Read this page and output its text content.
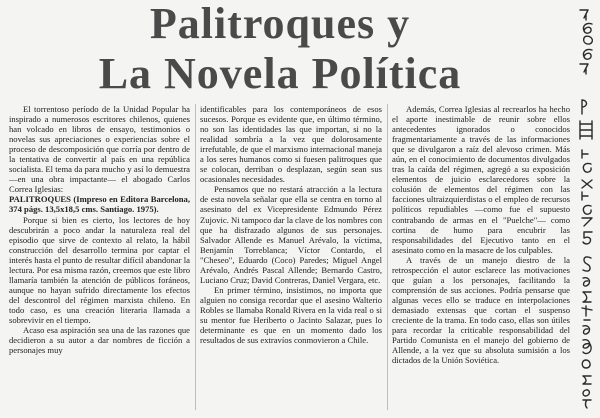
Palitroques y
La Novela Política

El torrentoso período de la Unidad Popular ha inspirado a numerosos escritores chilenos, quienes han volcado en libros de ensayo, testimonios o novelas sus apreciaciones o experiencias sobre el proceso de descomposición que corría por dentro de la tentativa de convertir al país en una república socialista. El tema da para mucho y así lo demuestra —en una obra impactante— el abogado Carlos Correa Iglesias:

PALITROQUES (Impreso en Editora Barcelona, 374 págs. 13,5x18,5 cms. Santiago. 1975).

Porque si bien es cierto, los lectores de hoy descubrirán a poco andar la naturaleza real del episodio que sirve de contexto al relato, la hábil construcción del desarrollo termina por captar el interés hasta el punto de resultar difícil abandonar la lectura. Por esa misma razón, creemos que este libro llamaría también la atención de públicos foráneos, aunque no hayan sufrido directamente los efectos del descontrol del régimen marxista chileno. En todo caso, es una creación literaria llamada a sobrevivir en el tiempo.

Acaso esa aspiración sea una de las razones que decidieron a su autor a dar nombres de ficción a personajes muy

identificables para los contemporáneos de esos sucesos. Porque es evidente que, en último término, no son las identidades las que importan, si no la realidad sombría a la vez que dolorosamente irrefutable, de que el marxismo internacional maneja a los seres humanos como si fuesen palitroques que se colocan, derriban o desplazan, según sean sus ocasionales necesidades.

Pensamos que no restará atracción a la lectura de esta novela señalar que ella se centra en torno al asesinato del ex Vicepresidente Edmundo Pérez Zujovic. Ni tampoco dar la clave de los nombres con que ha disfrazado algunos de sus personajes. Salvador Allende es Manuel Arévalo, la víctima, Benjamín Torreblanca; Víctor Contardo, el "Cheseo", Eduardo (Coco) Paredes; Miguel Angel Arévalo, Andrés Pascal Allende; Bernardo Castro, Luciano Cruz; David Contreras, Daniel Vergara, etc.

En primer término, insistimos, no importa que alguien no consiga recordar que el asesino Walterio Robles se llamaba Ronald Rivera en la vida real o si su mentor fue Heriberto o Jacinto Salazar, pues lo determinante es que en un momento dado los resultados de sus extravíos conmovieron a Chile.

Además, Correa Iglesias al recrearlos ha hecho el aporte inestimable de reunir sobre ellos antecedentes ignorados o conocidos fragmentariamente a través de las informaciones que se divulgaron a raíz del alevoso crimen. Más aún, en el conocimiento de documentos divulgados tras la caída del régimen, agregó a su exposición elementos de juicio esclarecedores sobre la colusión de elementos del régimen con las facciones ultraizquierdistas o el empleo de recursos políticos repudiables —como fue el supuesto contrabando de armas en el "Puelche"— como cortina de humo para encubrir las responsabilidades del Ejecutivo tanto en el asesinato como en la masacre de los culpables.

A través de un manejo diestro de la retrospección el autor esclarece las motivaciones que guían a los personajes, facilitando la comprensión de sus acciones. Podría pensarse que algunas veces ello se traduce en interpolaciones demasiado extensas que cortan el suspenso creciente de la trama. En todo caso, ellas son útiles para recordar la criticable responsabilidad del Partido Comunista en el manejo del gobierno de Allende, a la vez que su absoluta sumisión a los dictados de la Unión Soviética.
